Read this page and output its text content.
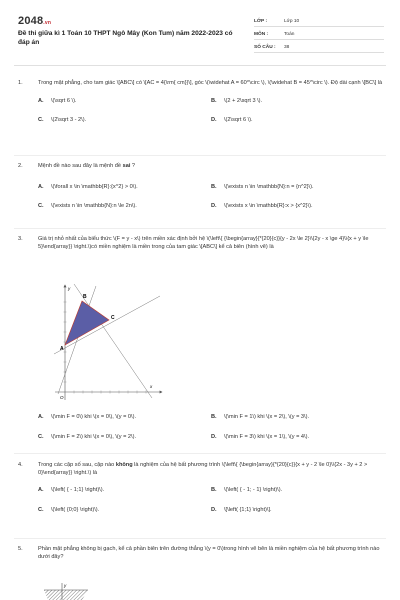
2048.vn
Đề thi giữa kì 1 Toán 10 THPT Ngô Mây (Kon Tum) năm 2022-2023 có đáp án
LỚP :	Lớp 10
MÔN :	Toán
SỐ CÂU :	38
1.	Trong mặt phẳng, cho tam giác \[ABC\] có \[AC = 4{\rm{ cm}}\], góc \(\widehat A = 60^\circ \), \(\widehat B = 45^\circ \). Độ dài cạnh \[BC\] là
A.	\(\sqrt 6 \).	B.	\(2 + 2\sqrt 3 \).
C.	\(2\sqrt 3 - 2\).	D.	\(2\sqrt 6 \).
2.	Mệnh đề nào sau đây là mệnh đề sai ?
A.	\(\forall x \in \mathbb{R}:{x^2} > 0\).	B.	\(\exists n \in \mathbb{N}:n = {n^2}\).
C.	\(\exists n \in \mathbb{N}:n \le 2n\).	D.	\(\exists x \in \mathbb{R}:x > {x^2}\).
3.	Giá trị nhỏ nhất của biểu thức \(F = y - x\) trên miền xác định bởi hệ \(\left\{ {\begin{array}{*{20}{c}}{y - 2x \le 2}\\{2y - x \ge 4}\\{x + y \le 5}\end{array}} \right.\)có miền nghiệm là miền trong của tam giác \[ABC\] kể cả biên (hình vẽ) là
B
C
A
y
x
O
A.	\(\min F = 0\) khi \(x = 0\), \(y = 0\).	B.	\(\min F = 1\) khi \(x = 2\), \(y = 3\).
C.	\(\min F = 2\) khi \(x = 0\), \(y = 2\).	D.	\(\min F = 3\) khi \(x = 1\), \(y = 4\).
4.	Trong các cặp số sau, cặp nào không là nghiệm của hệ bất phương trình \(\left\{ {\begin{array}{*{20}{c}}{x + y - 2 \le 0}\\{2x - 3y + 2 > 0}\end{array}} \right.\) là
A.	\(\left( { - 1;1} \right)\).	B.	\(\left( { - 1; - 1} \right)\).
C.	\(\left( {0;0} \right)\).	D.	\[\left( {1;1} \right)\].
5.	Phần mặt phẳng không bị gạch, kể cả phần biên trên đường thẳng \(y = 0\)trong hình vẽ bên là miền nghiệm của hệ bất phương trình nào dưới đây?
y
